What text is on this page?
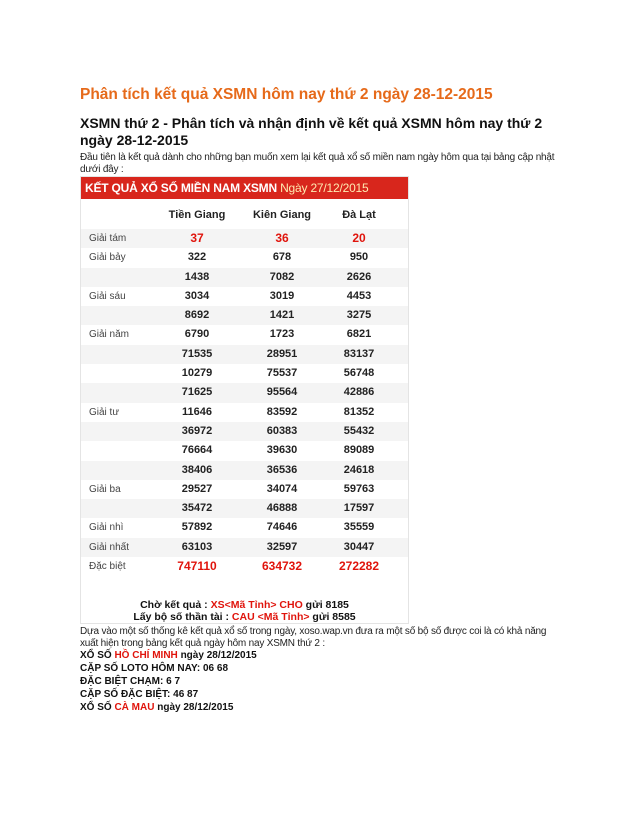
Phân tích kết quả XSMN hôm nay thứ 2 ngày 28-12-2015
XSMN thứ 2 - Phân tích và nhận định về kết quả XSMN hôm nay thứ 2 ngày 28-12-2015
Đầu tiên là kết quả dành cho những bạn muốn xem lại kết quả xổ số miền nam ngày hôm qua tại bảng cập nhật dưới đây :
KẾT QUẢ XỔ SỐ MIỀN NAM XSMN Ngày 27/12/2015
Tiền Giang	Kiên Giang	Đà Lạt
Giải tám	37	36	20
Giải bảy	322	678	950
1438	7082	2626
Giải sáu	3034	3019	4453
8692	1421	3275
Giải năm	6790	1723	6821
71535	28951	83137
10279	75537	56748
71625	95564	42886
Giải tư	11646	83592	81352
36972	60383	55432
76664	39630	89089
38406	36536	24618
Giải ba	29527	34074	59763
35472	46888	17597
Giải nhì	57892	74646	35559
Giải nhất	63103	32597	30447
Đặc biệt	747110	634732	272282
Chờ kết quả : XS<Mã Tỉnh> CHO gửi 8185
Lấy bộ số thần tài : CAU <Mã Tỉnh> gửi 8585
Dựa vào một số thống kê kết quả xổ số trong ngày, xoso.wap.vn đưa ra một số bộ số được coi là có khả năng xuất hiện trong bảng kết quả ngày hôm nay XSMN thứ 2 :
XỔ SỐ HỒ CHÍ MINH ngày 28/12/2015
CẶP SỐ LOTO HÔM NAY: 06 68
ĐẶC BIỆT CHẠM: 6 7
CẶP SỐ ĐẶC BIỆT: 46 87
XỔ SỐ CÀ MAU ngày 28/12/2015
